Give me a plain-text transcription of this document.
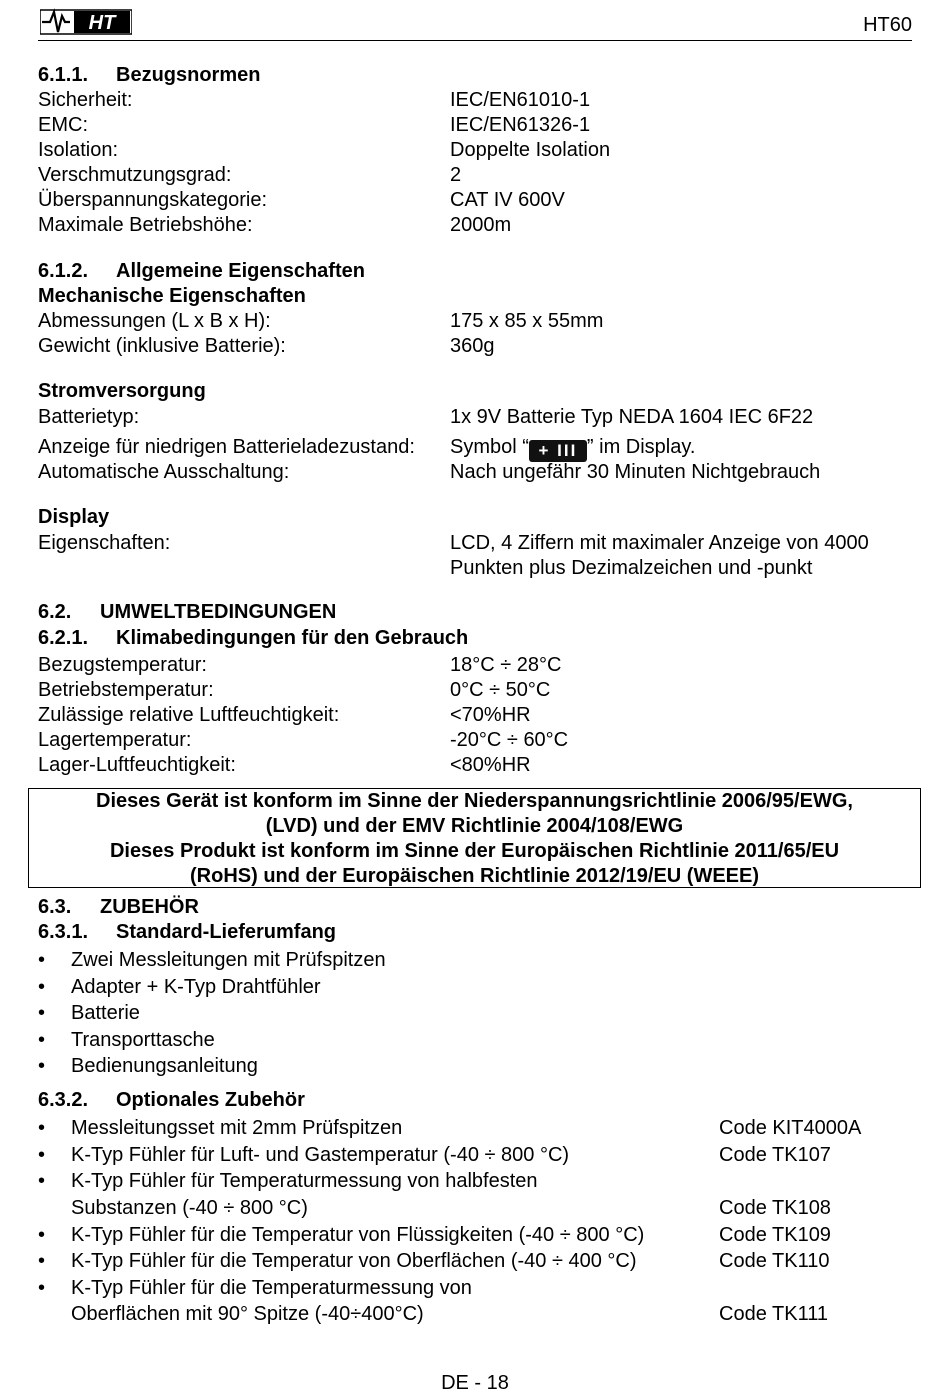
HT	HT60
6.1.1. Bezugsnormen
Sicherheit:	IEC/EN61010-1
EMC:	IEC/EN61326-1
Isolation:	Doppelte Isolation
Verschmutzungsgrad:	2
Überspannungskategorie:	CAT IV 600V
Maximale Betriebshöhe:	2000m
6.1.2. Allgemeine Eigenschaften
Mechanische Eigenschaften
Abmessungen (L x B x H):	175 x 85 x 55mm
Gewicht (inklusive Batterie):	360g
Stromversorgung
Batterietyp:	1x 9V Batterie Typ NEDA 1604 IEC 6F22
Anzeige für niedrigen Batterieladezustand: Symbol “ + III ” im Display.
Automatische Ausschaltung:	Nach ungefähr 30 Minuten Nichtgebrauch
Display
Eigenschaften:	LCD, 4 Ziffern mit maximaler Anzeige von 4000
Punkten plus Dezimalzeichen und -punkt
6.2. UMWELTBEDINGUNGEN
6.2.1. Klimabedingungen für den Gebrauch
Bezugstemperatur:	18°C ÷ 28°C
Betriebstemperatur:	0°C ÷ 50°C
Zulässige relative Luftfeuchtigkeit:	<70%HR
Lagertemperatur:	-20°C ÷ 60°C
Lager-Luftfeuchtigkeit:	<80%HR
Dieses Gerät ist konform im Sinne der Niederspannungsrichtlinie 2006/95/EWG,
(LVD) und der EMV Richtlinie 2004/108/EWG
Dieses Produkt ist konform im Sinne der Europäischen Richtlinie 2011/65/EU
(RoHS) und der Europäischen Richtlinie 2012/19/EU (WEEE)
6.3. ZUBEHÖR
6.3.1. Standard-Lieferumfang
• Zwei Messleitungen mit Prüfspitzen
• Adapter + K-Typ Drahtfühler
• Batterie
• Transporttasche
• Bedienungsanleitung
6.3.2. Optionales Zubehör
• Messleitungsset mit 2mm Prüfspitzen	Code KIT4000A
• K-Typ Fühler für Luft- und Gastemperatur (-40 ÷ 800 °C)	Code TK107
• K-Typ Fühler für Temperaturmessung von halbfesten
Substanzen (-40 ÷ 800 °C)	Code TK108
• K-Typ Fühler für die Temperatur von Flüssigkeiten (-40 ÷ 800 °C)	Code TK109
• K-Typ Fühler für die Temperatur von Oberflächen (-40 ÷ 400 °C)	Code TK110
• K-Typ Fühler für die Temperaturmessung von
Oberflächen mit 90° Spitze (-40÷400°C)	Code TK111
DE - 18
